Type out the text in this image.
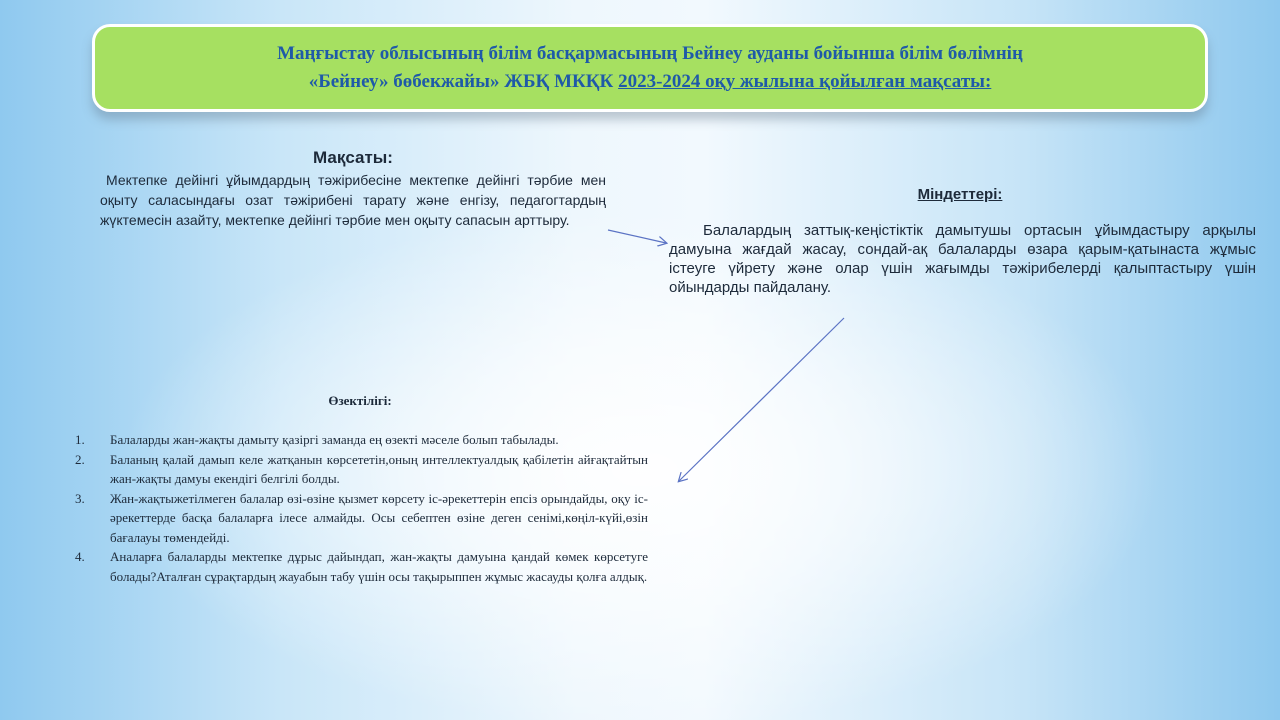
Маңғыстау облысының білім басқармасының Бейнеу ауданы бойынша білім бөлімнің
«Бейнеу» бөбекжайы» ЖБҚ МКҚК 2023-2024 оқу жылына қойылған мақсаты:
Мақсаты:
Мектепке дейінгі ұйымдардың тәжірибесіне мектепке дейінгі тәрбие мен оқыту саласындағы озат тәжірибені тарату және енгізу, педагогтардың жүктемесін азайту, мектепке дейінгі тәрбие мен оқыту сапасын арттыру.
Міндеттері:
Балалардың заттық-кеңістіктік дамытушы ортасын ұйымдастыру арқылы дамуына жағдай жасау, сондай-ақ балаларды өзара қарым-қатынаста жұмыс істеуге үйрету және олар үшін жағымды тәжірибелерді қалыптастыру үшін ойындарды пайдалану.
Өзектілігі:
1. Балаларды жан-жақты дамыту қазіргі заманда ең өзекті мәселе болып табылады.
2. Баланың қалай дамып келе жатқанын көрсететін,оның интеллектуалдық қабілетін айғақтайтын жан-жақты дамуы екендігі белгілі болды.
3. Жан-жақтыжетілмеген балалар өзі-өзіне қызмет көрсету іс-әрекеттерін епсіз орындайды, оқу іс-әрекеттерде басқа балаларға ілесе алмайды. Осы себептен өзіне деген сенімі,көңіл-күйі,өзін бағалауы төмендейді.
4. Аналарға балаларды мектепке дұрыс дайындап, жан-жақты дамуына қандай көмек көрсетуге болады?Аталған сұрақтардың жауабын табу үшін осы тақырыппен жұмыс жасауды қолға алдық.
